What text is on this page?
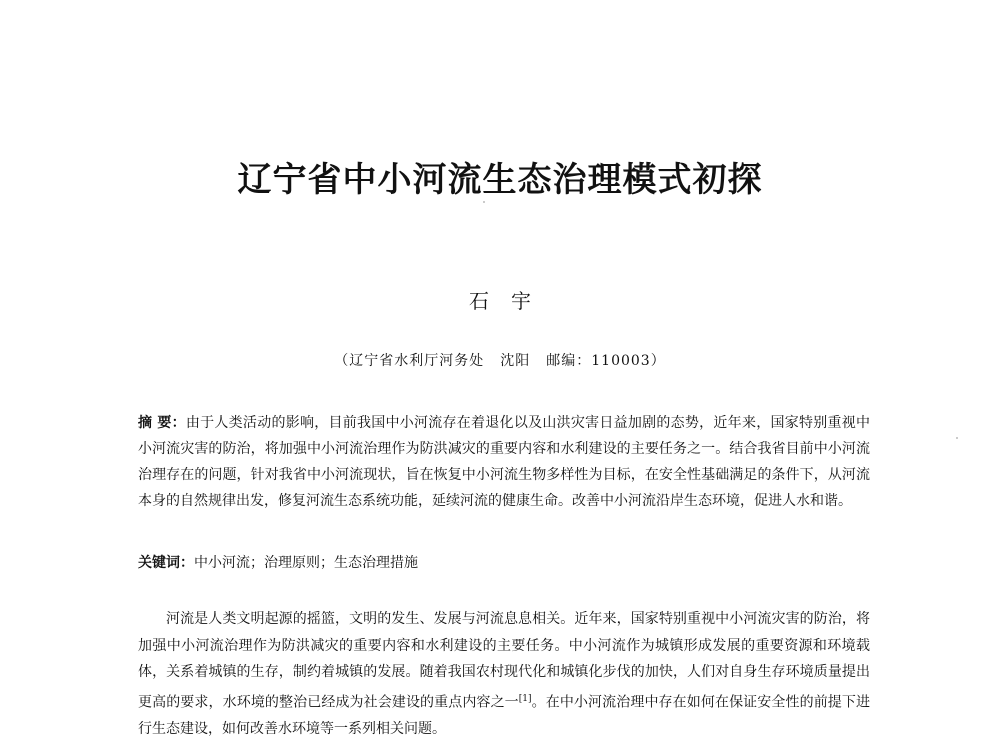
辽宁省中小河流生态治理模式初探
石宇
（辽宁省水利厅河务处 沈阳 邮编：110003）
摘 要：由于人类活动的影响，目前我国中小河流存在着退化以及山洪灾害日益加剧的态势，近年来，国家特别重视中小河流灾害的防治，将加强中小河流治理作为防洪减灾的重要内容和水利建设的主要任务之一。结合我省目前中小河流治理存在的问题，针对我省中小河流现状，旨在恢复中小河流生物多样性为目标，在安全性基础满足的条件下，从河流本身的自然规律出发，修复河流生态系统功能，延续河流的健康生命。改善中小河流沿岸生态环境，促进人水和谐。
关键词：中小河流；治理原则；生态治理措施
河流是人类文明起源的摇篮，文明的发生、发展与河流息息相关。近年来，国家特别重视中小河流灾害的防治，将加强中小河流治理作为防洪减灾的重要内容和水利建设的主要任务。中小河流作为城镇形成发展的重要资源和环境载体，关系着城镇的生存，制约着城镇的发展。随着我国农村现代化和城镇化步伐的加快，人们对自身生存环境质量提出更高的要求，水环境的整治已经成为社会建设的重点内容之一[1]。在中小河流治理中存在如何在保证安全性的前提下进行生态建设，如何改善水环境等一系列相关问题。
